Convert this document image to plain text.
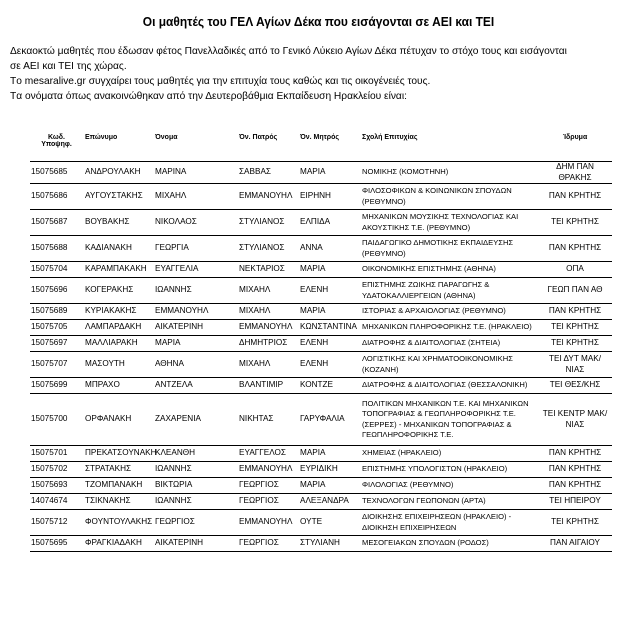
Οι μαθητές του ΓΕΛ Αγίων Δέκα που εισάγονται σε ΑΕΙ και ΤΕΙ

Δεκαοκτώ μαθητές που έδωσαν φέτος Πανελλαδικές από το Γενικό Λύκειο Αγίων Δέκα πέτυχαν το στόχο τους και εισάγονται

σε ΑΕΙ και ΤΕΙ της χώρας.

Tο mesaralive.gr συγχαίρει τους μαθητές για την επιτυχία τους καθώς και τις οικογένειές τους.

Tα ονόματα όπως ανακοινώθηκαν από την Δευτεροβάθμια Εκπαίδευση Ηρακλείου είναι:

Κωδ. Υποψηφ.	Επώνυμο	Όνομα	Όν. Πατρός	Όν. Μητρός	Σχολή Επιτυχίας	Ίδρυμα
15075685	ΑΝΔΡΟΥΛΑΚΗ	ΜΑΡΙΝΑ	ΣΑΒΒΑΣ	ΜΑΡΙΑ	ΝΟΜΙΚΗΣ (ΚΟΜΟΤΗΝΗ)	ΔΗΜ ΠΑΝ ΘΡΑΚΗΣ
15075686	ΑΥΓΟΥΣΤΑΚΗΣ	ΜΙΧΑΗΛ	ΕΜΜΑΝΟΥΗΛ	ΕΙΡΗΝΗ	ΦΙΛΟΣΟΦΙΚΩΝ & ΚΟΙΝΩΝΙΚΩΝ ΣΠΟΥΔΩΝ (ΡΕΘΥΜΝΟ)	ΠΑΝ ΚΡΗΤΗΣ
15075687	ΒΟΥΒΑΚΗΣ	ΝΙΚΟΛΑΟΣ	ΣΤΥΛΙΑΝΟΣ	ΕΛΠΙΔΑ	ΜΗΧΑΝΙΚΩΝ ΜΟΥΣΙΚΗΣ ΤΕΧΝΟΛΟΓΙΑΣ ΚΑΙ ΑΚΟΥΣΤΙΚΗΣ Τ.Ε. (ΡΕΘΥΜΝΟ)	ΤΕΙ ΚΡΗΤΗΣ
15075688	ΚΑΔΙΑΝΑΚΗ	ΓΕΩΡΓΙΑ	ΣΤΥΛΙΑΝΟΣ	ΑΝΝΑ	ΠΑΙΔΑΓΩΓΙΚΟ ΔΗΜΟΤΙΚΗΣ ΕΚΠΑΙΔΕΥΣΗΣ (ΡΕΘΥΜΝΟ)	ΠΑΝ ΚΡΗΤΗΣ
15075704	ΚΑΡΑΜΠΑΚΑΚΗ	ΕΥΑΓΓΕΛΙΑ	ΝΕΚΤΑΡΙΟΣ	ΜΑΡΙΑ	ΟΙΚΟΝΟΜΙΚΗΣ ΕΠΙΣΤΗΜΗΣ (ΑΘΗΝΑ)	ΟΠΑ
15075696	ΚΟΓΕΡΑΚΗΣ	ΙΩΑΝΝΗΣ	ΜΙΧΑΗΛ	ΕΛΕΝΗ	ΕΠΙΣΤΗΜΗΣ ΖΩΙΚΗΣ ΠΑΡΑΓΩΓΗΣ & ΥΔΑΤΟΚΑΛΛΙΕΡΓΕΙΩΝ (ΑΘΗΝΑ)	ΓΕΩΠ ΠΑΝ ΑΘ
15075689	ΚΥΡΙΑΚΑΚΗΣ	ΕΜΜΑΝΟΥΗΛ	ΜΙΧΑΗΛ	ΜΑΡΙΑ	ΙΣΤΟΡΙΑΣ & ΑΡΧΑΙΟΛΟΓΙΑΣ (ΡΕΘΥΜΝΟ)	ΠΑΝ ΚΡΗΤΗΣ
15075705	ΛΑΜΠΑΡΔΑΚΗ	ΑΙΚΑΤΕΡΙΝΗ	ΕΜΜΑΝΟΥΗΛ	ΚΩΝΣΤΑΝΤΙΝΑ	ΜΗΧΑΝΙΚΩΝ ΠΛΗΡΟΦΟΡΙΚΗΣ Τ.Ε. (ΗΡΑΚΛΕΙΟ)	ΤΕΙ ΚΡΗΤΗΣ
15075697	ΜΑΛΛΙΑΡΑΚΗ	ΜΑΡΙΑ	ΔΗΜΗΤΡΙΟΣ	ΕΛΕΝΗ	ΔΙΑΤΡΟΦΗΣ & ΔΙΑΙΤΟΛΟΓΙΑΣ (ΣΗΤΕΙΑ)	ΤΕΙ ΚΡΗΤΗΣ
15075707	ΜΑΣΟΥΤΗ	ΑΘΗΝΑ	ΜΙΧΑΗΛ	ΕΛΕΝΗ	ΛΟΓΙΣΤΙΚΗΣ ΚΑΙ ΧΡΗΜΑΤΟΟΙΚΟΝΟΜΙΚΗΣ (ΚΟΖΑΝΗ)	ΤΕΙ ΔΥΤ ΜΑΚ/ΝΙΑΣ
15075699	ΜΠΡΑΧΟ	ΑΝΤΖΕΛΑ	ΒΛΑΝΤΙΜΙΡ	ΚΟΝΤΖΕ	ΔΙΑΤΡΟΦΗΣ & ΔΙΑΙΤΟΛΟΓΙΑΣ (ΘΕΣΣΑΛΟΝΙΚΗ)	ΤΕΙ ΘΕΣ/ΚΗΣ
15075700	ΟΡΦΑΝΑΚΗ	ΖΑΧΑΡΕΝΙΑ	ΝΙΚΗΤΑΣ	ΓΑΡΥΦΑΛΙΑ	ΠΟΛΙΤΙΚΩΝ ΜΗΧΑΝΙΚΩΝ Τ.Ε. ΚΑΙ ΜΗΧΑΝΙΚΩΝ ΤΟΠΟΓΡΑΦΙΑΣ & ΓΕΩΠΛΗΡΟΦΟΡΙΚΗΣ Τ.Ε. (ΣΕΡΡΕΣ) - ΜΗΧΑΝΙΚΩΝ ΤΟΠΟΓΡΑΦΙΑΣ & ΓΕΩΠΛΗΡΟΦΟΡΙΚΗΣ Τ.Ε.	ΤΕΙ ΚΕΝΤΡ ΜΑΚ/ΝΙΑΣ
15075701	ΠΡΕΚΑΤΣΟΥΝΑΚΗ	ΚΛΕΑΝΘΗ	ΕΥΑΓΓΕΛΟΣ	ΜΑΡΙΑ	ΧΗΜΕΙΑΣ (ΗΡΑΚΛΕΙΟ)	ΠΑΝ ΚΡΗΤΗΣ
15075702	ΣΤΡΑΤΑΚΗΣ	ΙΩΑΝΝΗΣ	ΕΜΜΑΝΟΥΗΛ	ΕΥΡΙΔΙΚΗ	ΕΠΙΣΤΗΜΗΣ ΥΠΟΛΟΓΙΣΤΩΝ (ΗΡΑΚΛΕΙΟ)	ΠΑΝ ΚΡΗΤΗΣ
15075693	ΤΖΟΜΠΑΝΑΚΗ	ΒΙΚΤΩΡΙΑ	ΓΕΩΡΓΙΟΣ	ΜΑΡΙΑ	ΦΙΛΟΛΟΓΙΑΣ (ΡΕΘΥΜΝΟ)	ΠΑΝ ΚΡΗΤΗΣ
14074674	ΤΣΙΚΝΑΚΗΣ	ΙΩΑΝΝΗΣ	ΓΕΩΡΓΙΟΣ	ΑΛΕΞΑΝΔΡΑ	ΤΕΧΝΟΛΟΓΩΝ ΓΕΩΠΟΝΩΝ (ΑΡΤΑ)	ΤΕΙ ΗΠΕΙΡΟΥ
15075712	ΦΟΥΝΤΟΥΛΑΚΗΣ	ΓΕΩΡΓΙΟΣ	ΕΜΜΑΝΟΥΗΛ	ΟΥΤΕ	ΔΙΟΙΚΗΣΗΣ ΕΠΙΧΕΙΡΗΣΕΩΝ (ΗΡΑΚΛΕΙΟ) - ΔΙΟΙΚΗΣΗ ΕΠΙΧΕΙΡΗΣΕΩΝ	ΤΕΙ ΚΡΗΤΗΣ
15075695	ΦΡΑΓΚΙΑΔΑΚΗ	ΑΙΚΑΤΕΡΙΝΗ	ΓΕΩΡΓΙΟΣ	ΣΤΥΛΙΑΝΗ	ΜΕΣΟΓΕΙΑΚΩΝ ΣΠΟΥΔΩΝ (ΡΟΔΟΣ)	ΠΑΝ ΑΙΓΑΙΟΥ
